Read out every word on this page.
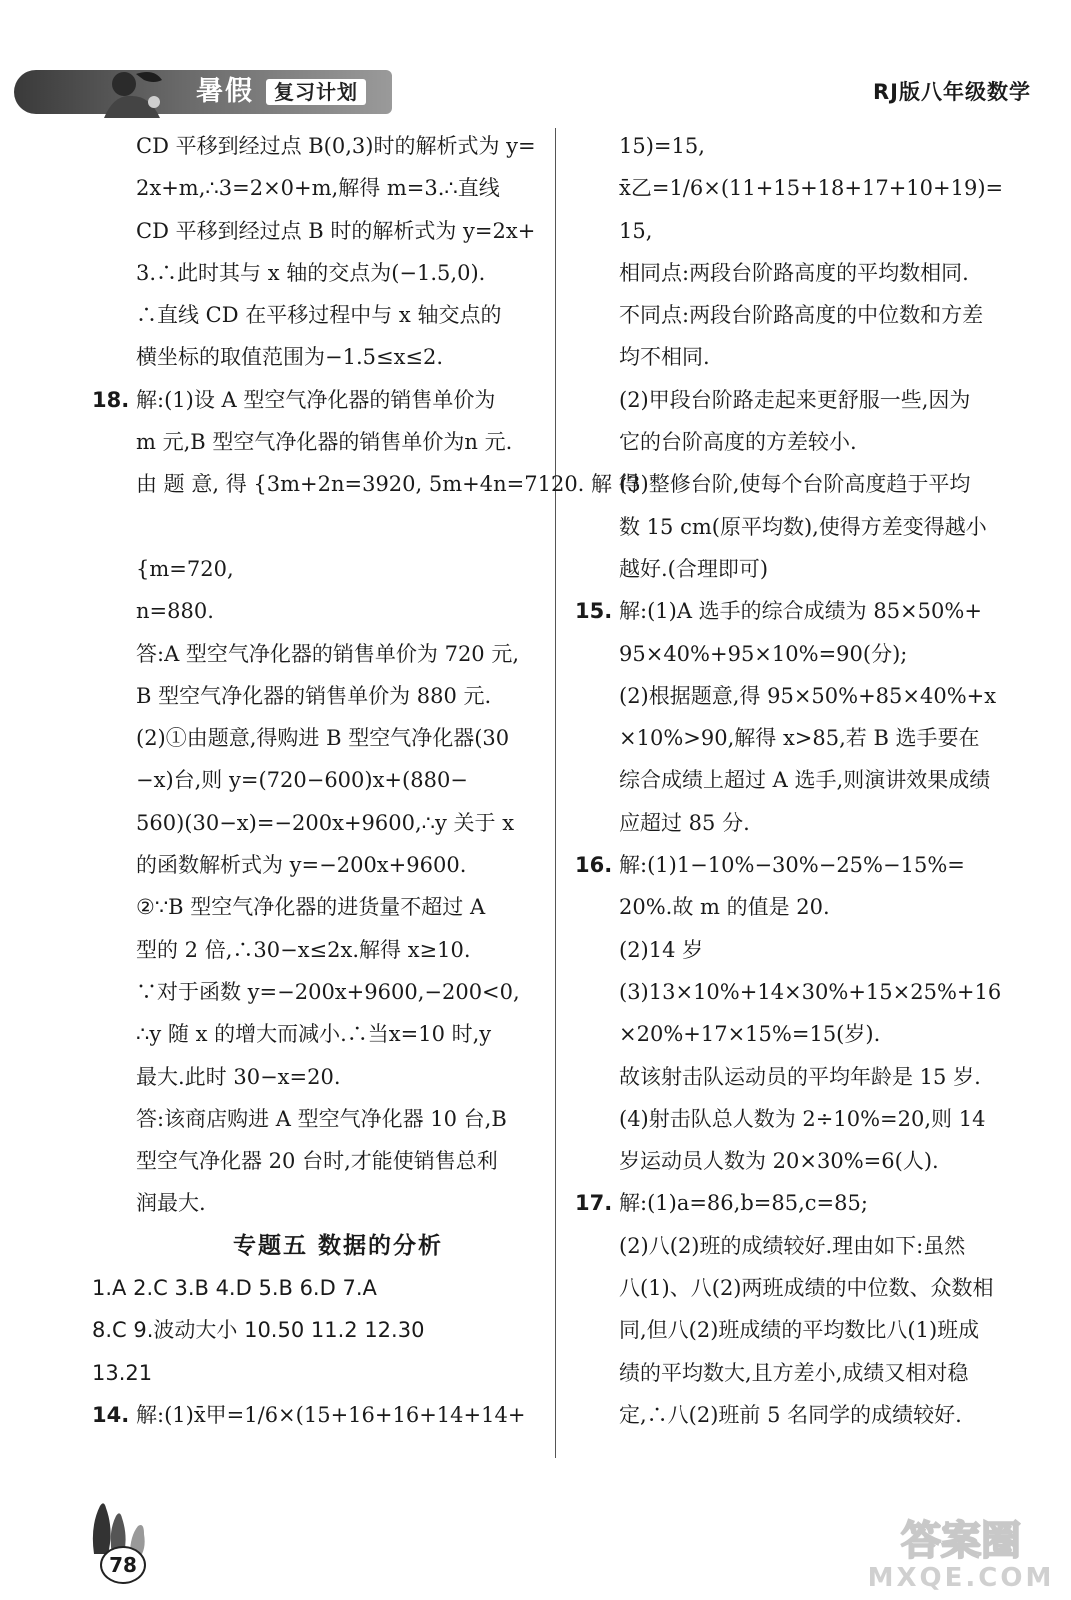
暑假	复习计划	RJ版八年级数学
CD 平移到经过点 B(0,3)时的解析式为 y=
2x+m,∴3=2×0+m,解得 m=3.∴直线
CD 平移到经过点 B 时的解析式为 y=2x+
3.∴此时其与 x 轴的交点为(−1.5,0).
∴直线 CD 在平移过程中与 x 轴交点的
横坐标的取值范围为−1.5≤x≤2.
18. 解:(1)设 A 型空气净化器的销售单价为
m 元,B 型空气净化器的销售单价为n 元.
由 题 意, 得 {3m+2n=3920, 5m+4n=7120. 解 得
{m=720,
n=880.
答:A 型空气净化器的销售单价为 720 元,
B 型空气净化器的销售单价为 880 元.
(2)①由题意,得购进 B 型空气净化器(30
−x)台,则 y=(720−600)x+(880−
560)(30−x)=−200x+9600,∴y 关于 x
的函数解析式为 y=−200x+9600.
②∵B 型空气净化器的进货量不超过 A
型的 2 倍,∴30−x≤2x.解得 x≥10.
∵对于函数 y=−200x+9600,−200<0,
∴y 随 x 的增大而减小.∴当x=10 时,y
最大.此时 30−x=20.
答:该商店购进 A 型空气净化器 10 台,B
型空气净化器 20 台时,才能使销售总利
润最大.
专题五 数据的分析
1.A 2.C 3.B 4.D 5.B 6.D 7.A
8.C 9.波动大小 10.50 11.2 12.30
13.21
14. 解:(1)x̄甲=1/6×(15+16+16+14+14+
15)=15,
x̄乙=1/6×(11+15+18+17+10+19)=
15,
相同点:两段台阶路高度的平均数相同.
不同点:两段台阶路高度的中位数和方差
均不相同.
(2)甲段台阶路走起来更舒服一些,因为
它的台阶高度的方差较小.
(3)整修台阶,使每个台阶高度趋于平均
数 15 cm(原平均数),使得方差变得越小
越好.(合理即可)
15. 解:(1)A 选手的综合成绩为 85×50%+
95×40%+95×10%=90(分);
(2)根据题意,得 95×50%+85×40%+x
×10%>90,解得 x>85,若 B 选手要在
综合成绩上超过 A 选手,则演讲效果成绩
应超过 85 分.
16. 解:(1)1−10%−30%−25%−15%=
20%.故 m 的值是 20.
(2)14 岁
(3)13×10%+14×30%+15×25%+16
×20%+17×15%=15(岁).
故该射击队运动员的平均年龄是 15 岁.
(4)射击队总人数为 2÷10%=20,则 14
岁运动员人数为 20×30%=6(人).
17. 解:(1)a=86,b=85,c=85;
(2)八(2)班的成绩较好.理由如下:虽然
八(1)、八(2)两班成绩的中位数、众数相
同,但八(2)班成绩的平均数比八(1)班成
绩的平均数大,且方差小,成绩又相对稳
定,∴八(2)班前 5 名同学的成绩较好.
78
答案圈
MXQE.COM
